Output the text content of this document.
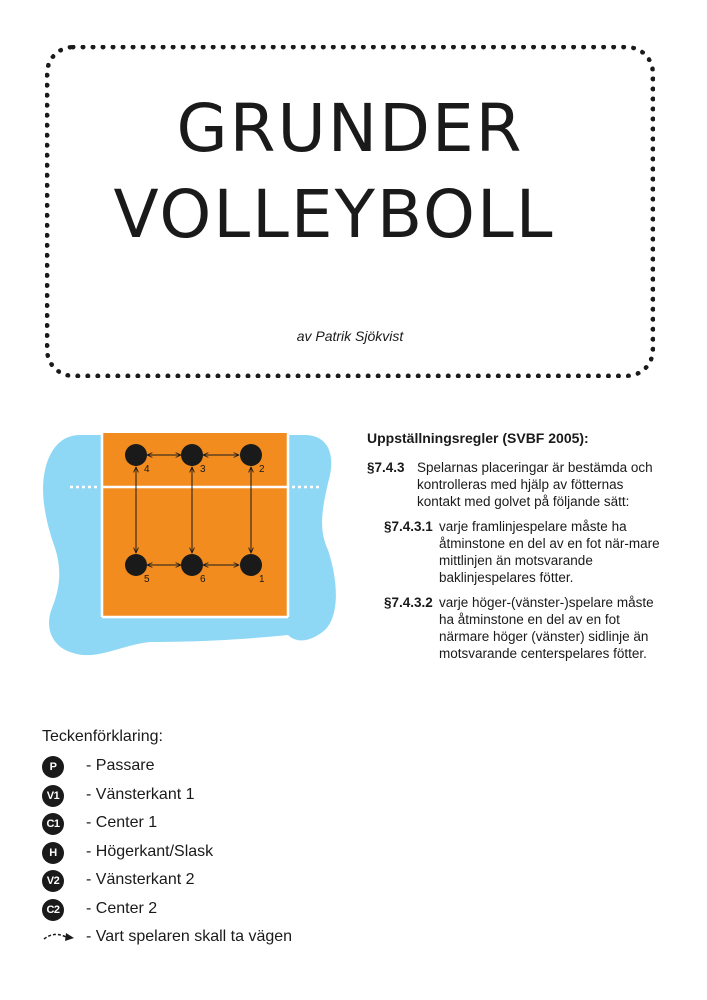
GRUNDER
VOLLEYBOLL
av Patrik Sjökvist
4	3	2
5	6	1
Uppställningsregler (SVBF 2005):
§7.4.3 Spelarnas placeringar är bestämda och kontrolleras med hjälp av fötternas kontakt med golvet på följande sätt:
§7.4.3.1 varje framlinjespelare måste ha åtminstone en del av en fot när-mare mittlinjen än motsvarande baklinjespelares fötter.
§7.4.3.2 varje höger-(vänster-)spelare måste ha åtminstone en del av en fot närmare höger (vänster) sidlinje än motsvarande centerspelares fötter.
Teckenförklaring:
P	- Passare
V1 - Vänsterkant 1
C1 - Center 1
H	- Högerkant/Slask
V2 - Vänsterkant 2
C2 - Center 2
- Vart spelaren skall ta vägen
